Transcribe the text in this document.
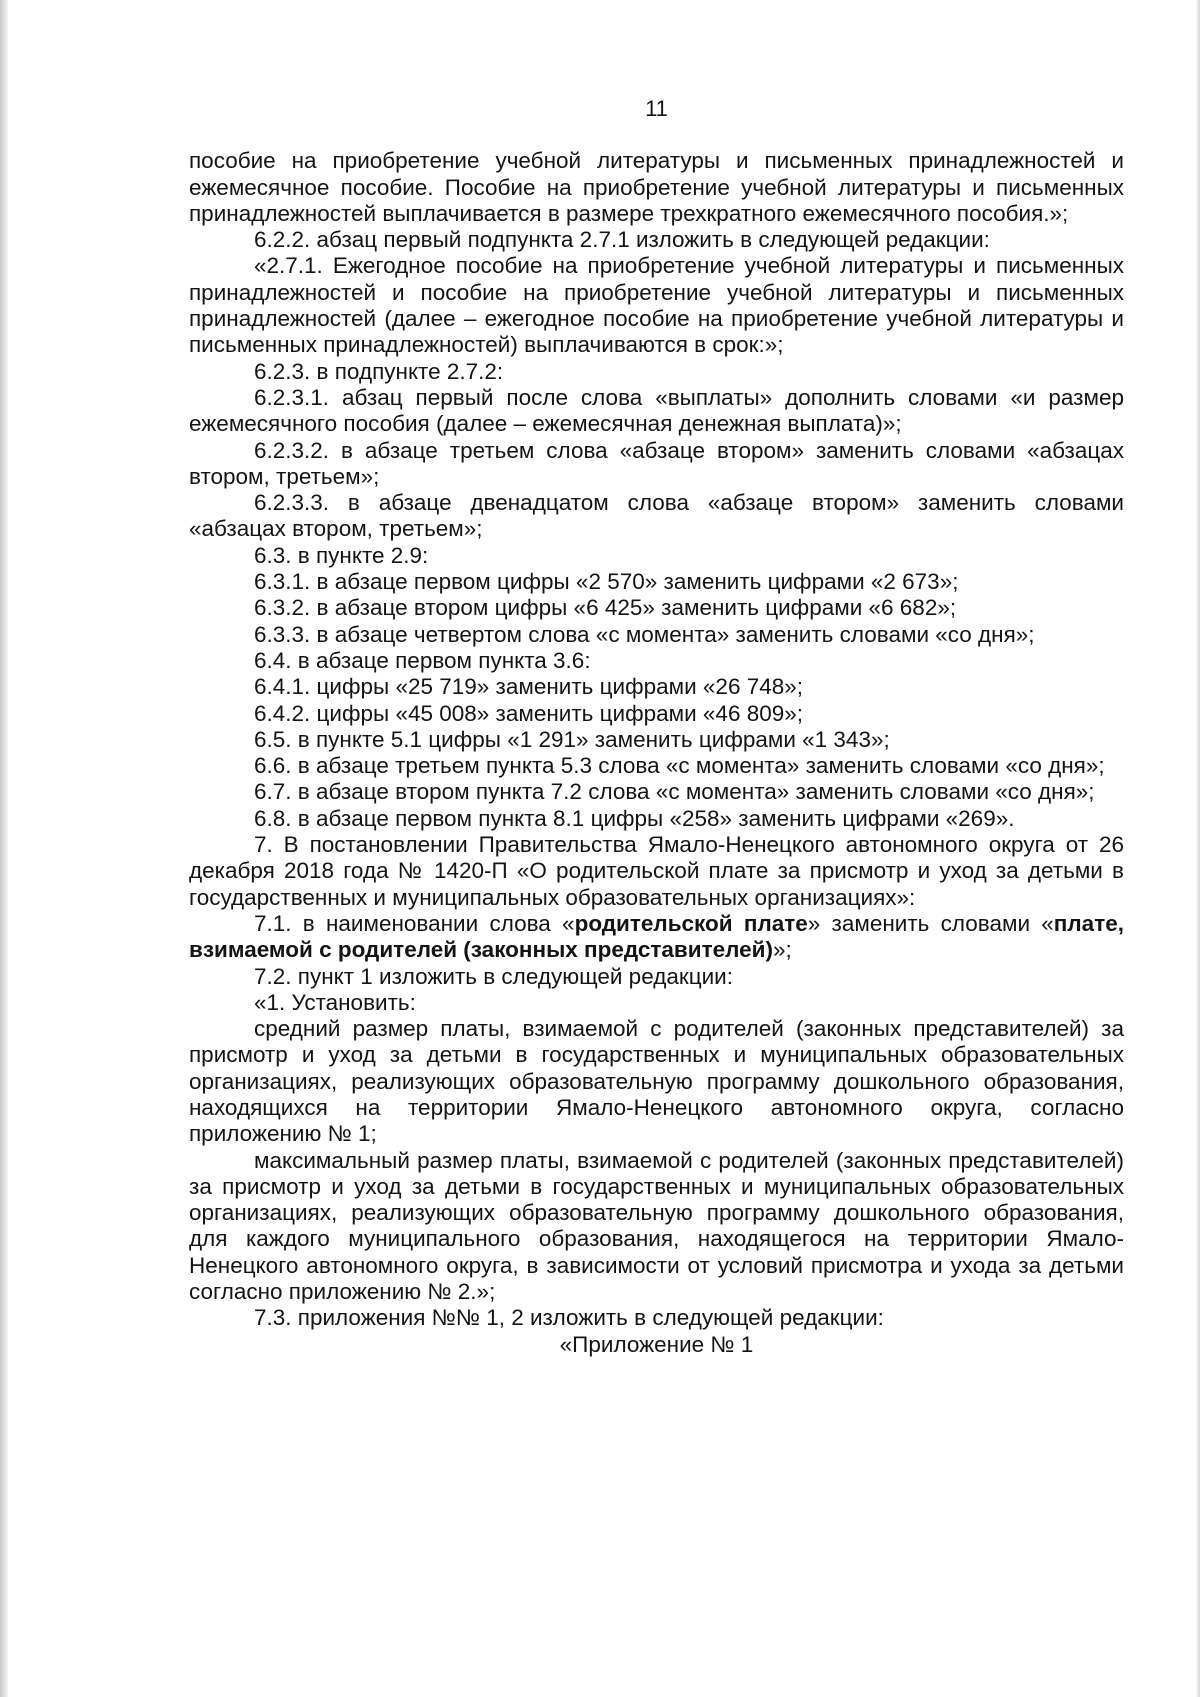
11

пособие на приобретение учебной литературы и письменных принадлежностей и ежемесячное пособие. Пособие на приобретение учебной литературы и письменных принадлежностей выплачивается в размере трехкратного ежемесячного пособия.»;

6.2.2. абзац первый подпункта 2.7.1 изложить в следующей редакции:

«2.7.1. Ежегодное пособие на приобретение учебной литературы и письменных принадлежностей и пособие на приобретение учебной литературы и письменных принадлежностей (далее – ежегодное пособие на приобретение учебной литературы и письменных принадлежностей) выплачиваются в срок:»;

6.2.3. в подпункте 2.7.2:

6.2.3.1. абзац первый после слова «выплаты» дополнить словами «и размер ежемесячного пособия (далее – ежемесячная денежная выплата)»;

6.2.3.2. в абзаце третьем слова «абзаце втором» заменить словами «абзацах втором, третьем»;

6.2.3.3. в абзаце двенадцатом слова «абзаце втором» заменить словами «абзацах втором, третьем»;

6.3. в пункте 2.9:

6.3.1. в абзаце первом цифры «2 570» заменить цифрами «2 673»;

6.3.2. в абзаце втором цифры «6 425» заменить цифрами «6 682»;

6.3.3. в абзаце четвертом слова «с момента» заменить словами «со дня»;

6.4. в абзаце первом пункта 3.6:

6.4.1. цифры «25 719» заменить цифрами «26 748»;

6.4.2. цифры «45 008» заменить цифрами «46 809»;

6.5. в пункте 5.1 цифры «1 291» заменить цифрами «1 343»;

6.6. в абзаце третьем пункта 5.3 слова «с момента» заменить словами «со дня»;

6.7. в абзаце втором пункта 7.2 слова «с момента» заменить словами «со дня»;

6.8. в абзаце первом пункта 8.1 цифры «258» заменить цифрами «269».

7. В постановлении Правительства Ямало-Ненецкого автономного округа от 26 декабря 2018 года № 1420-П «О родительской плате за присмотр и уход за детьми в государственных и муниципальных образовательных организациях»:

7.1. в наименовании слова «родительской плате» заменить словами «плате, взимаемой с родителей (законных представителей)»;

7.2. пункт 1 изложить в следующей редакции:

«1. Установить:

средний размер платы, взимаемой с родителей (законных представителей) за присмотр и уход за детьми в государственных и муниципальных образовательных организациях, реализующих образовательную программу дошкольного образования, находящихся на территории Ямало-Ненецкого автономного округа, согласно приложению № 1;

максимальный размер платы, взимаемой с родителей (законных представителей) за присмотр и уход за детьми в государственных и муниципальных образовательных организациях, реализующих образовательную программу дошкольного образования, для каждого муниципального образования, находящегося на территории Ямало-Ненецкого автономного округа, в зависимости от условий присмотра и ухода за детьми согласно приложению № 2.»;

7.3. приложения №№ 1, 2 изложить в следующей редакции:

«Приложение № 1
